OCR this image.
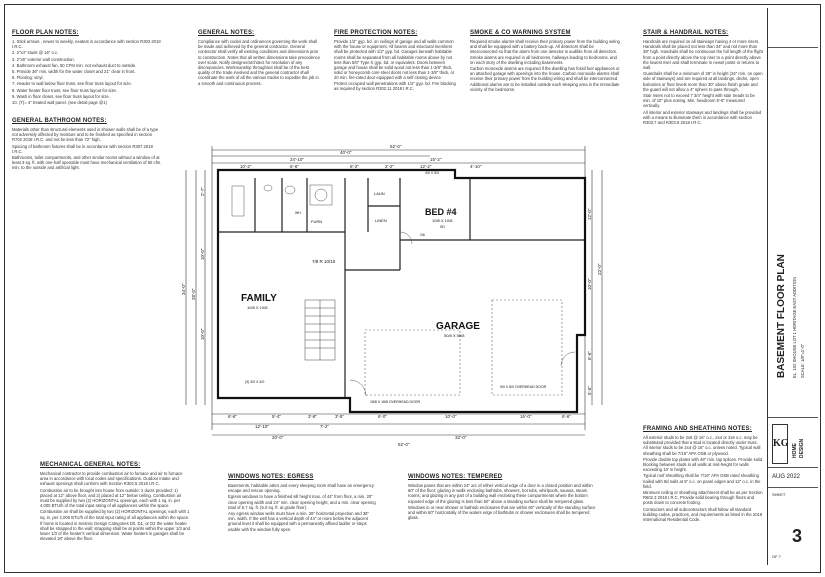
FLOOR PLAN NOTES:

1. Stick arrows , newer to weekly, neatest in accordance with section R302 2018 I.R.C.

2. 2"x4" studs @ 16" o.c.

3. 2"x6" exterior wall construction.

4. Bathroom exhaust fan, 50 CFM min. not exhaust duct to outside.

5. Provide 36" min. width for the water closet and 21" clear in front.

6. Flooring: vinyl.

7. Header to wall below floor truss, see floor truss layout for size.

8. Water heater floor truss; see floor truss layout for size.

9. Wash in floor closet, see floor truss layout for size.

10. (T)= 4" treated wall panel. (see detail page @1)

GENERAL BATHROOM NOTES:

Materials other than structural elements used in shower walls shall be of a type not adversely affected by moisture and to be finished as specified in section R702 2018 I.R.C. and not be less than 72" high.

Spacing of bathroom fixtures shall be in accordance with section R307 2018 I.R.C.

Bathrooms, toilet compartments, and other similar rooms without a window of at least 3 sq. ft. with one-half openable must have mechanical ventilation of 50 cfm. min. to the outside and artificial light.

GENERAL NOTES:

Compliance with codes and ordinances governing the work shall be made and achieved by the general contractor. General contractor shall verify all existing conditions and dimensions prior to construction. Notes that all written dimensions take precedence over scale. Notify designer/architect for resolution of any discrepancies. Workmanship throughout shall be of the best quality of the trade involved and the general contractor shall coordinate the work of all the various trades to expedite the job in a smooth and continuous process.

FIRE PROTECTION NOTES:

Provide 1/2" gyp. bd. on ceilings of garage and all walls common with the house or equipment. All beams and structural members shall be protected with 1/2" gyp. bd. Garages beneath habitable rooms shall be separated from all habitable rooms above by not less than 5/8" Type X gyp. bd. or equivalent. Doors between garage and house shall be solid wood not less than 1-3/8" thick, solid or honeycomb core steel doors not less than 1-3/8" thick, or 20 min. fire-rated door equipped with a self closing device. Protect occupied wall penetrations with 1/2" gyp. bd. Fire blocking as required by section R302.11 2018 I.R.C.

SMOKE & CO WARNING SYSTEM

Required smoke alarms shall receive their primary power from the building wiring and shall be equipped with a battery back-up. All detectors shall be interconnected so that the alarm from one detector is audible from all detectors. Smoke alarms are required in all bedrooms, hallways leading to bedrooms, and on each story of the dwelling including basements.

Carbon monoxide alarms are required if the dwelling has fossil fuel appliances or an attached garage with openings into the house. Carbon monoxide alarms shall receive their primary power from the building wiring and shall be interconnected. Additional alarms are to be installed outside each sleeping area in the immediate vicinity of the bedrooms.

STAIR & HANDRAIL NOTES:

Handrails are required on all stairways having 4 or more risers. Handrails shall be placed not less than 34" and not more than 38" high. Handrails shall be continuous the full length of the flight from a point directly above the top riser to a point directly above the lowest riser and shall terminate in newel posts or returns to wall.

Guardrails shall be a minimum of 36" in height (34" min. on open side of stairways) and are required at all landings, decks, open balconies or floor levels more than 30" above finish grade and the guard will not allow a 4" sphere to pass through.

Stair risers not to exceed 7 3/4" height with stair treads to be min. of 10" plus nosing. Min. headroom 6'-8" measured vertically.

All interior and exterior stairways and landings shall be provided with a means to illuminate them in accordance with section R303.7 and R303.8 2018 I.R.C.

MECHANICAL GENERAL NOTES:

Mechanical contractor to provide combustion air to furnace and air to furnace area in accordance with local codes and specifications. Outdoor intake and exhaust openings shall conform with Section R302.5 2018 I.R.C.

Combustion air to be brought into house from outside: 2 ducts provided: 1) placed at 12" above floor, and 2) placed at 12" below ceiling. Combustion air must be supplied by two (2) HORIZONTAL openings, each with 1 sq. in. per 4,000 BTU/h of the total input rating of all appliances within the space.

Combustion air shall be supplied by two (2) HORIZONTAL openings, each with 1 sq. in. per 2,000 BTU/h of the total input rating of all appliances within the space.

If home is located in Seismic Design Categories D0, D1, or D2 the water heater shall be strapped to the wall; strapping shall be at points within the upper 1/3 and lower 1/3 of the heater's vertical dimension. Water heaters in garages shall be elevated 18" above the floor.

WINDOWS NOTES: EGRESS

Basements, habitable attics and every sleeping room shall have an emergency escape and rescue opening.

Egress windows to have a finished sill height max. of 44" from floor, a min. 20" clear opening width and 24" min. clear opening height, and a min. clear opening total of 5.7 sq. ft. (5.0 sq. ft. at grade floor).

Any egress window wells must have a min. 36" horizontal projection and 36" min. width. If the well has a vertical depth of 44" or more below the adjacent ground level it shall be equipped with a permanently affixed ladder or steps usable with the window fully open.

WINDOWS NOTES: TEMPERED

Window panes that are within 24" arc of either vertical edge of a door in a closed position and within 60" of the floor; glazing in walls enclosing bathtubs, showers, hot tubs, whirlpools, saunas, steam rooms; and glazing in any part of a building wall enclosing these compartments where the bottom exposed edge of the glazing is less than 60" above a standing surface shall be tempered glass.

Windows in or near shower or bathtub enclosures that are within 60" vertically of the standing surface and within 60" horizontally of the waters edge of bathtubs or shower enclosures shall be tempered glass.

FRAMING AND SHEATHING NOTES:

All exterior studs to be 2x6 @ 16" o.c., 2x4 or 2x6 o.c. may be substituted provided that a stud is located directly under truss. All interior studs to be 2x4 @ 16" o.c. unless noted. Typical wall sheathing shall be 7/16" APA OSB or plywood.

Provide double top plates with 48" min. lap splices. Provide solid blocking between studs in all walls at mid-height for walls exceeding 10' in height.

Typical roof sheathing shall be 7/16" APA OSB rated sheathing nailed with 8d nails at 6" o.c. on panel edges and 12" o.c. in the field.

Minimum ceiling or sheathing attachment shall be as per Section R602.3 2018 I.R.C. Provide solid bearing through floors and posts down to concrete footing.

Contractors and all subcontractors shall follow all standard building codes, practices, and requirements as listed in the 2018 International Residential Code.

FAMILY
10/8 X 10/8
GARAGE
50/8 X 50/8
BED #4
10/8 X 10/8
LAUN
FURN	LINEN
7/8 R 10/10
WH
18/8 X 18/8 OVERHEAD DOOR
9/0 X 8/0 OVERHEAD DOOR
(3) 3/0 X 4/0
4/0 X 5/0
2/6
SD
52'-0"
40'-0"
24'-10"	15'-2"
10'-2"	6'-6"	6'-2"	2'-2"	12'-2"	4'-10"
6'-6"	5'-4"	3'-8"	3'-5"	6'-0"	10'-0"	16'-0"	6'-6"
12'-10"	7'-2"
20'-0"	32'-0"
52'-0"
2'-7"
10'-0"
10'-0"
34'-0" 28'-0"
12'-0"
10'-0"
22'-0"
6'-6"
5'-6"
BASEMENT FLOOR PLAN EL. 102 SHOUSE LOT 1 HERITAGE EAST ADDITION SCALE: 1/8"=1'-0"
KG HOME DESIGN
AUG 2022
SHEET
3
OF 7
